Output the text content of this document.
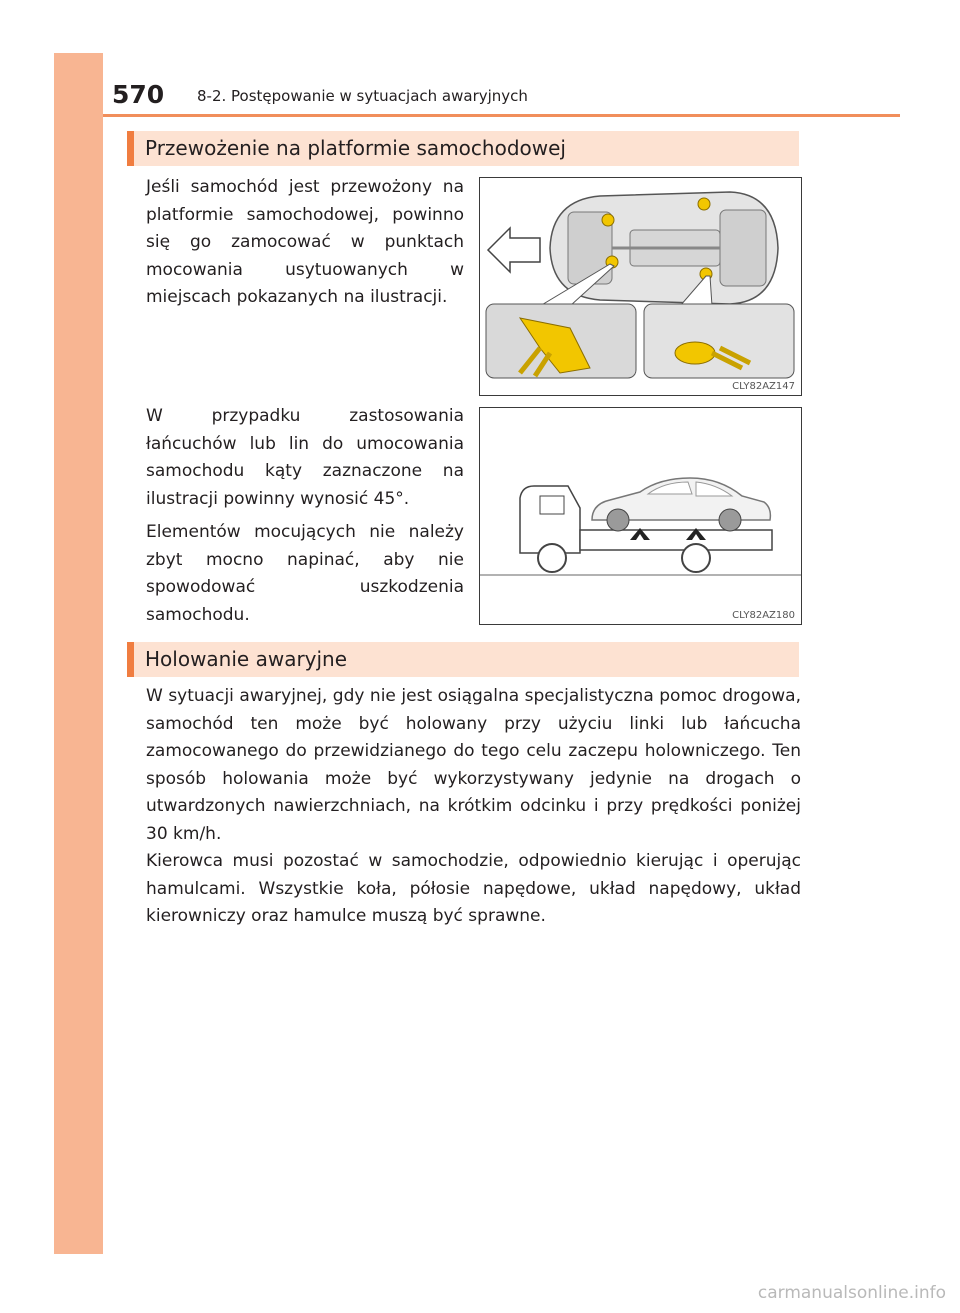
570 8-2. Postępowanie w sytuacjach awaryjnych
Przewożenie na platformie samochodowej

Jeśli samochód jest przewożony na platformie samochodowej, powinno się go zamocować w punktach mocowania usytuowanych w miejscach pokazanych na ilustracji.

W przypadku zastosowania łańcuchów lub lin do umocowania samochodu kąty zaznaczone na ilustracji powinny wynosić 45°.

Elementów mocujących nie należy zbyt mocno napinać, aby nie spowodować uszkodzenia samochodu.

CLY82AZ147
CLY82AZ180
Holowanie awaryjne

W sytuacji awaryjnej, gdy nie jest osiągalna specjalistyczna pomoc drogowa, samochód ten może być holowany przy użyciu linki lub łańcucha zamocowanego do przewidzianego do tego celu zaczepu holowniczego. Ten sposób holowania może być wykorzystywany jedynie na drogach o utwardzonych nawierzchniach, na krótkim odcinku i przy prędkości poniżej 30 km/h.

Kierowca musi pozostać w samochodzie, odpowiednio kierując i operując hamulcami. Wszystkie koła, półosie napędowe, układ napędowy, układ kierowniczy oraz hamulce muszą być sprawne.

carmanualsonline.info
